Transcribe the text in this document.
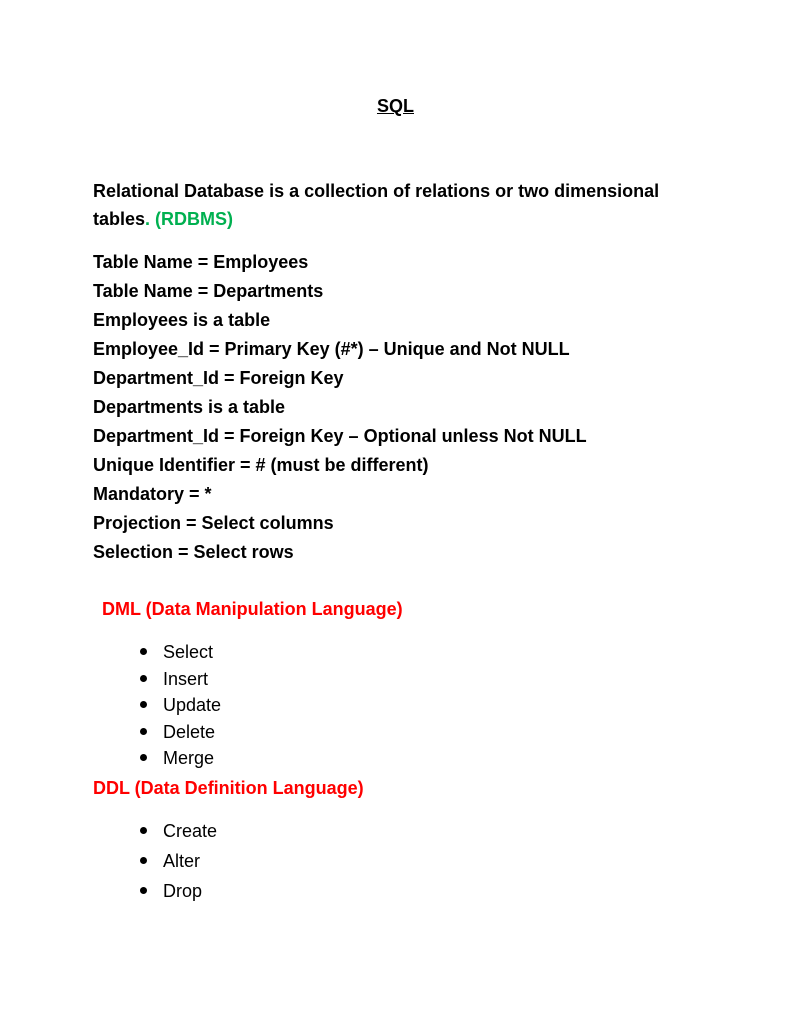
SQL
Relational Database is a collection of relations or two dimensional tables. (RDBMS)
Table Name = Employees
Table Name = Departments
Employees is a table
Employee_Id = Primary Key (#*) – Unique and Not NULL
Department_Id = Foreign Key
Departments is a table
Department_Id = Foreign Key – Optional unless Not NULL
Unique Identifier = # (must be different)
Mandatory = *
Projection = Select columns
Selection = Select rows
DML (Data Manipulation Language)
Select
Insert
Update
Delete
Merge
DDL (Data Definition Language)
Create
Alter
Drop
